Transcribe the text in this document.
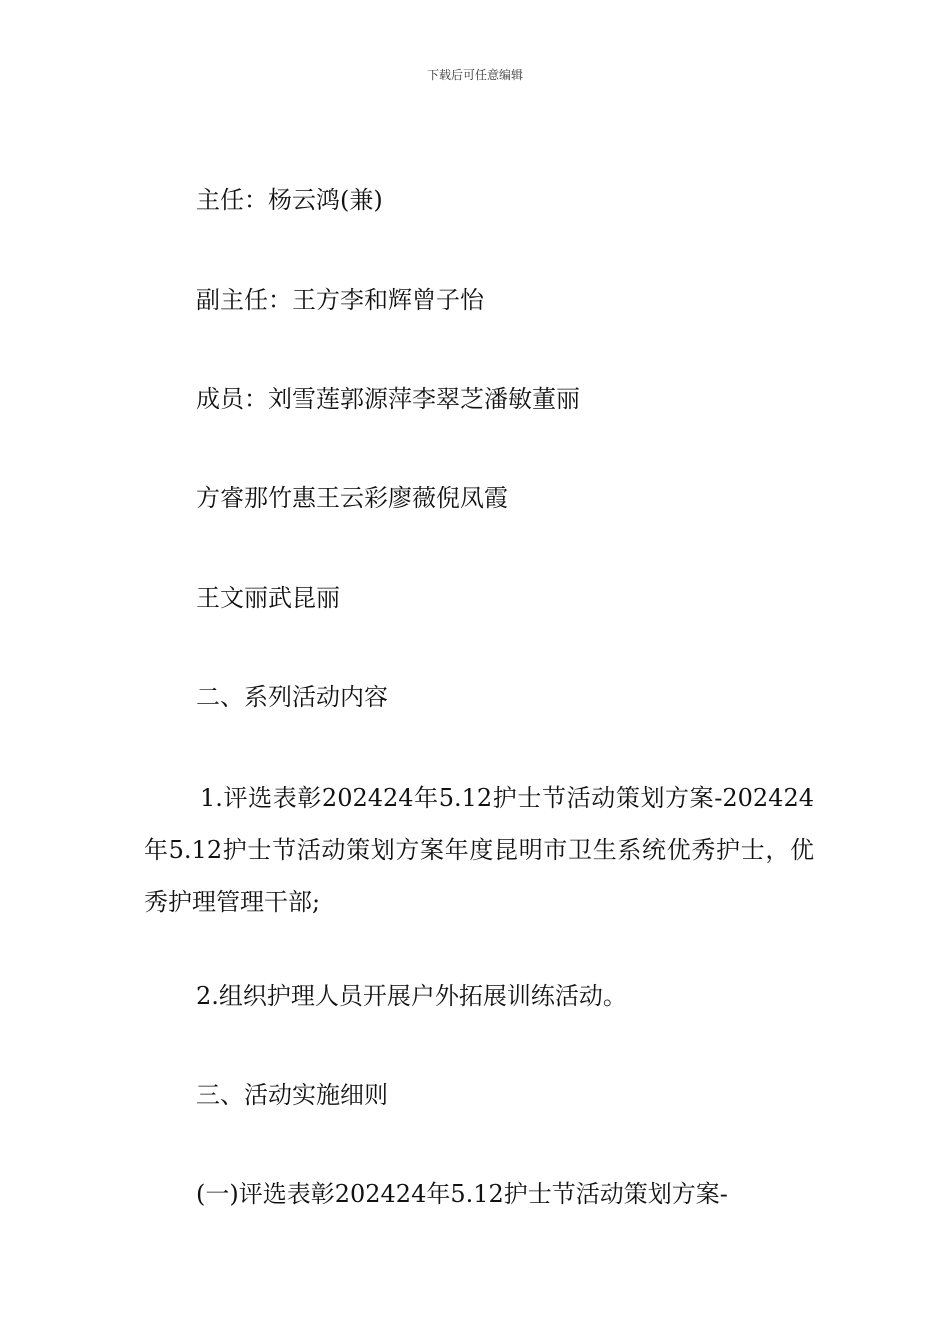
下载后可任意编辑
主任：杨云鸿(兼)
副主任：王方李和辉曾子怡
成员：刘雪莲郭源萍李翠芝潘敏董丽
方睿那竹惠王云彩廖薇倪凤霞
王文丽武昆丽
二、系列活动内容
1.评选表彰202424年5.12护士节活动策划方案-202424年5.12护士节活动策划方案年度昆明市卫生系统优秀护士，优秀护理管理干部;
2.组织护理人员开展户外拓展训练活动。
三、活动实施细则
(一)评选表彰202424年5.12护士节活动策划方案-
